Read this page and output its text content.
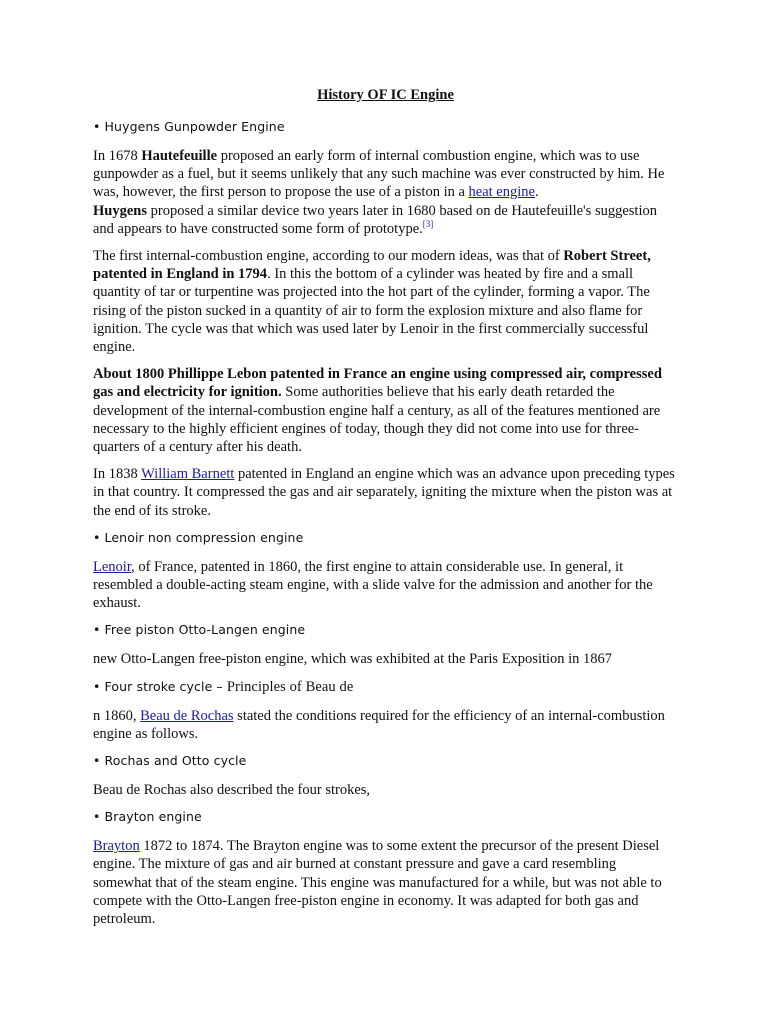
History OF IC Engine
• Huygens Gunpowder Engine

In 1678 Hautefeuille proposed an early form of internal combustion engine, which was to use gunpowder as a fuel, but it seems unlikely that any such machine was ever constructed by him. He was, however, the first person to propose the use of a piston in a heat engine.
Huygens proposed a similar device two years later in 1680 based on de Hautefeuille's suggestion and appears to have constructed some form of prototype.[3]

The first internal-combustion engine, according to our modern ideas, was that of Robert Street, patented in England in 1794. In this the bottom of a cylinder was heated by fire and a small quantity of tar or turpentine was projected into the hot part of the cylinder, forming a vapor. The rising of the piston sucked in a quantity of air to form the explosion mixture and also flame for ignition. The cycle was that which was used later by Lenoir in the first commercially successful engine.

About 1800 Phillippe Lebon patented in France an engine using compressed air, compressed gas and electricity for ignition. Some authorities believe that his early death retarded the development of the internal-combustion engine half a century, as all of the features mentioned are necessary to the highly efficient engines of today, though they did not come into use for three-quarters of a century after his death.

In 1838 William Barnett patented in England an engine which was an advance upon preceding types in that country. It compressed the gas and air separately, igniting the mixture when the piston was at the end of its stroke.

• Lenoir non compression engine

Lenoir, of France, patented in 1860, the first engine to attain considerable use. In general, it resembled a double-acting steam engine, with a slide valve for the admission and another for the exhaust.

• Free piston Otto-Langen engine

new Otto-Langen free-piston engine, which was exhibited at the Paris Exposition in 1867

• Four stroke cycle – Principles of Beau de

n 1860, Beau de Rochas stated the conditions required for the efficiency of an internal-combustion engine as follows.

• Rochas and Otto cycle

Beau de Rochas also described the four strokes,

• Brayton engine

Brayton 1872 to 1874. The Brayton engine was to some extent the precursor of the present Diesel engine. The mixture of gas and air burned at constant pressure and gave a card resembling somewhat that of the steam engine. This engine was manufactured for a while, but was not able to compete with the Otto-Langen free-piston engine in economy. It was adapted for both gas and petroleum.
